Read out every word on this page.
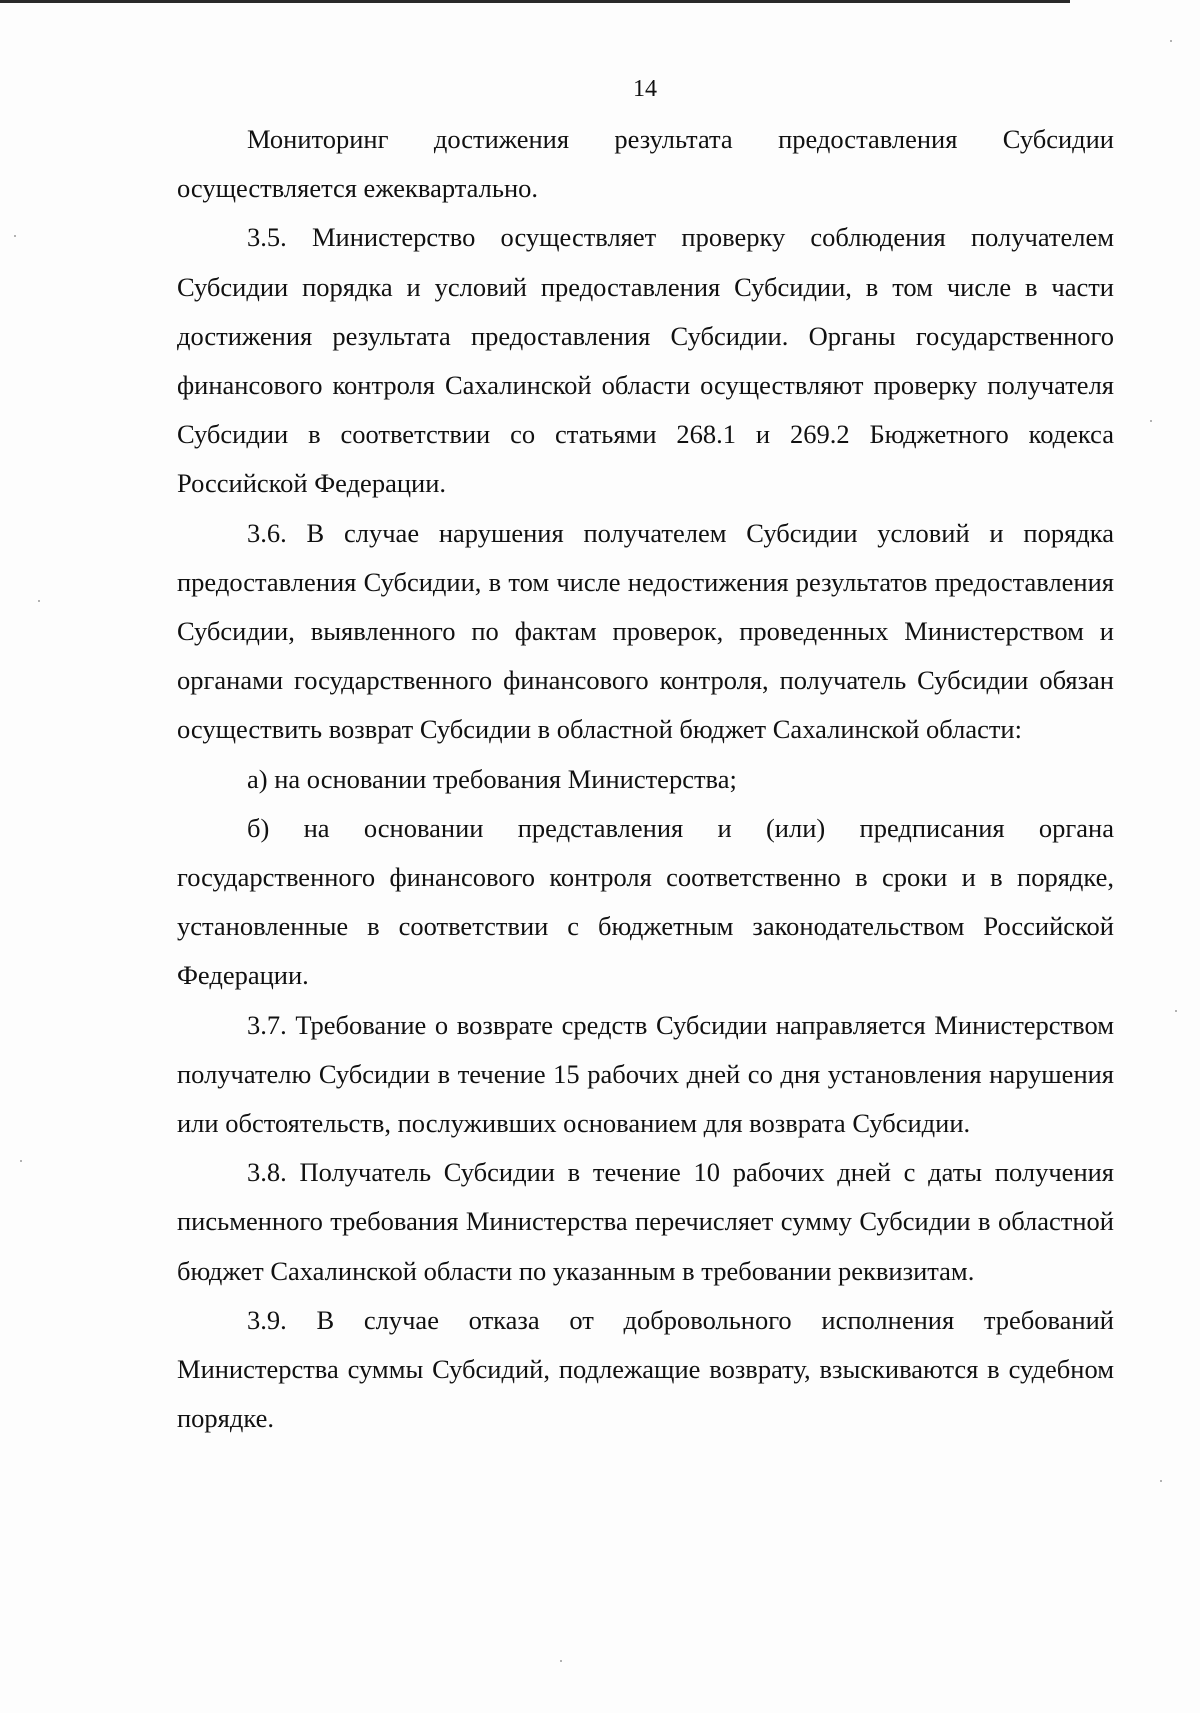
14

Мониторинг достижения результата предоставления Субсидии осуществляется ежеквартально.

3.5. Министерство осуществляет проверку соблюдения получателем Субсидии порядка и условий предоставления Субсидии, в том числе в части достижения результата предоставления Субсидии. Органы государственного финансового контроля Сахалинской области осуществляют проверку получателя Субсидии в соответствии со статьями 268.1 и 269.2 Бюджетного кодекса Российской Федерации.

3.6. В случае нарушения получателем Субсидии условий и порядка предоставления Субсидии, в том числе недостижения результатов предоставления Субсидии, выявленного по фактам проверок, проведенных Министерством и органами государственного финансового контроля, получатель Субсидии обязан осуществить возврат Субсидии в областной бюджет Сахалинской области:

а) на основании требования Министерства;

б) на основании представления и (или) предписания органа государственного финансового контроля соответственно в сроки и в порядке, установленные в соответствии с бюджетным законодательством Российской Федерации.

3.7. Требование о возврате средств Субсидии направляется Министерством получателю Субсидии в течение 15 рабочих дней со дня установления нарушения или обстоятельств, послуживших основанием для возврата Субсидии.

3.8. Получатель Субсидии в течение 10 рабочих дней с даты получения письменного требования Министерства перечисляет сумму Субсидии в областной бюджет Сахалинской области по указанным в требовании реквизитам.

3.9. В случае отказа от добровольного исполнения требований Министерства суммы Субсидий, подлежащие возврату, взыскиваются в судебном порядке.
